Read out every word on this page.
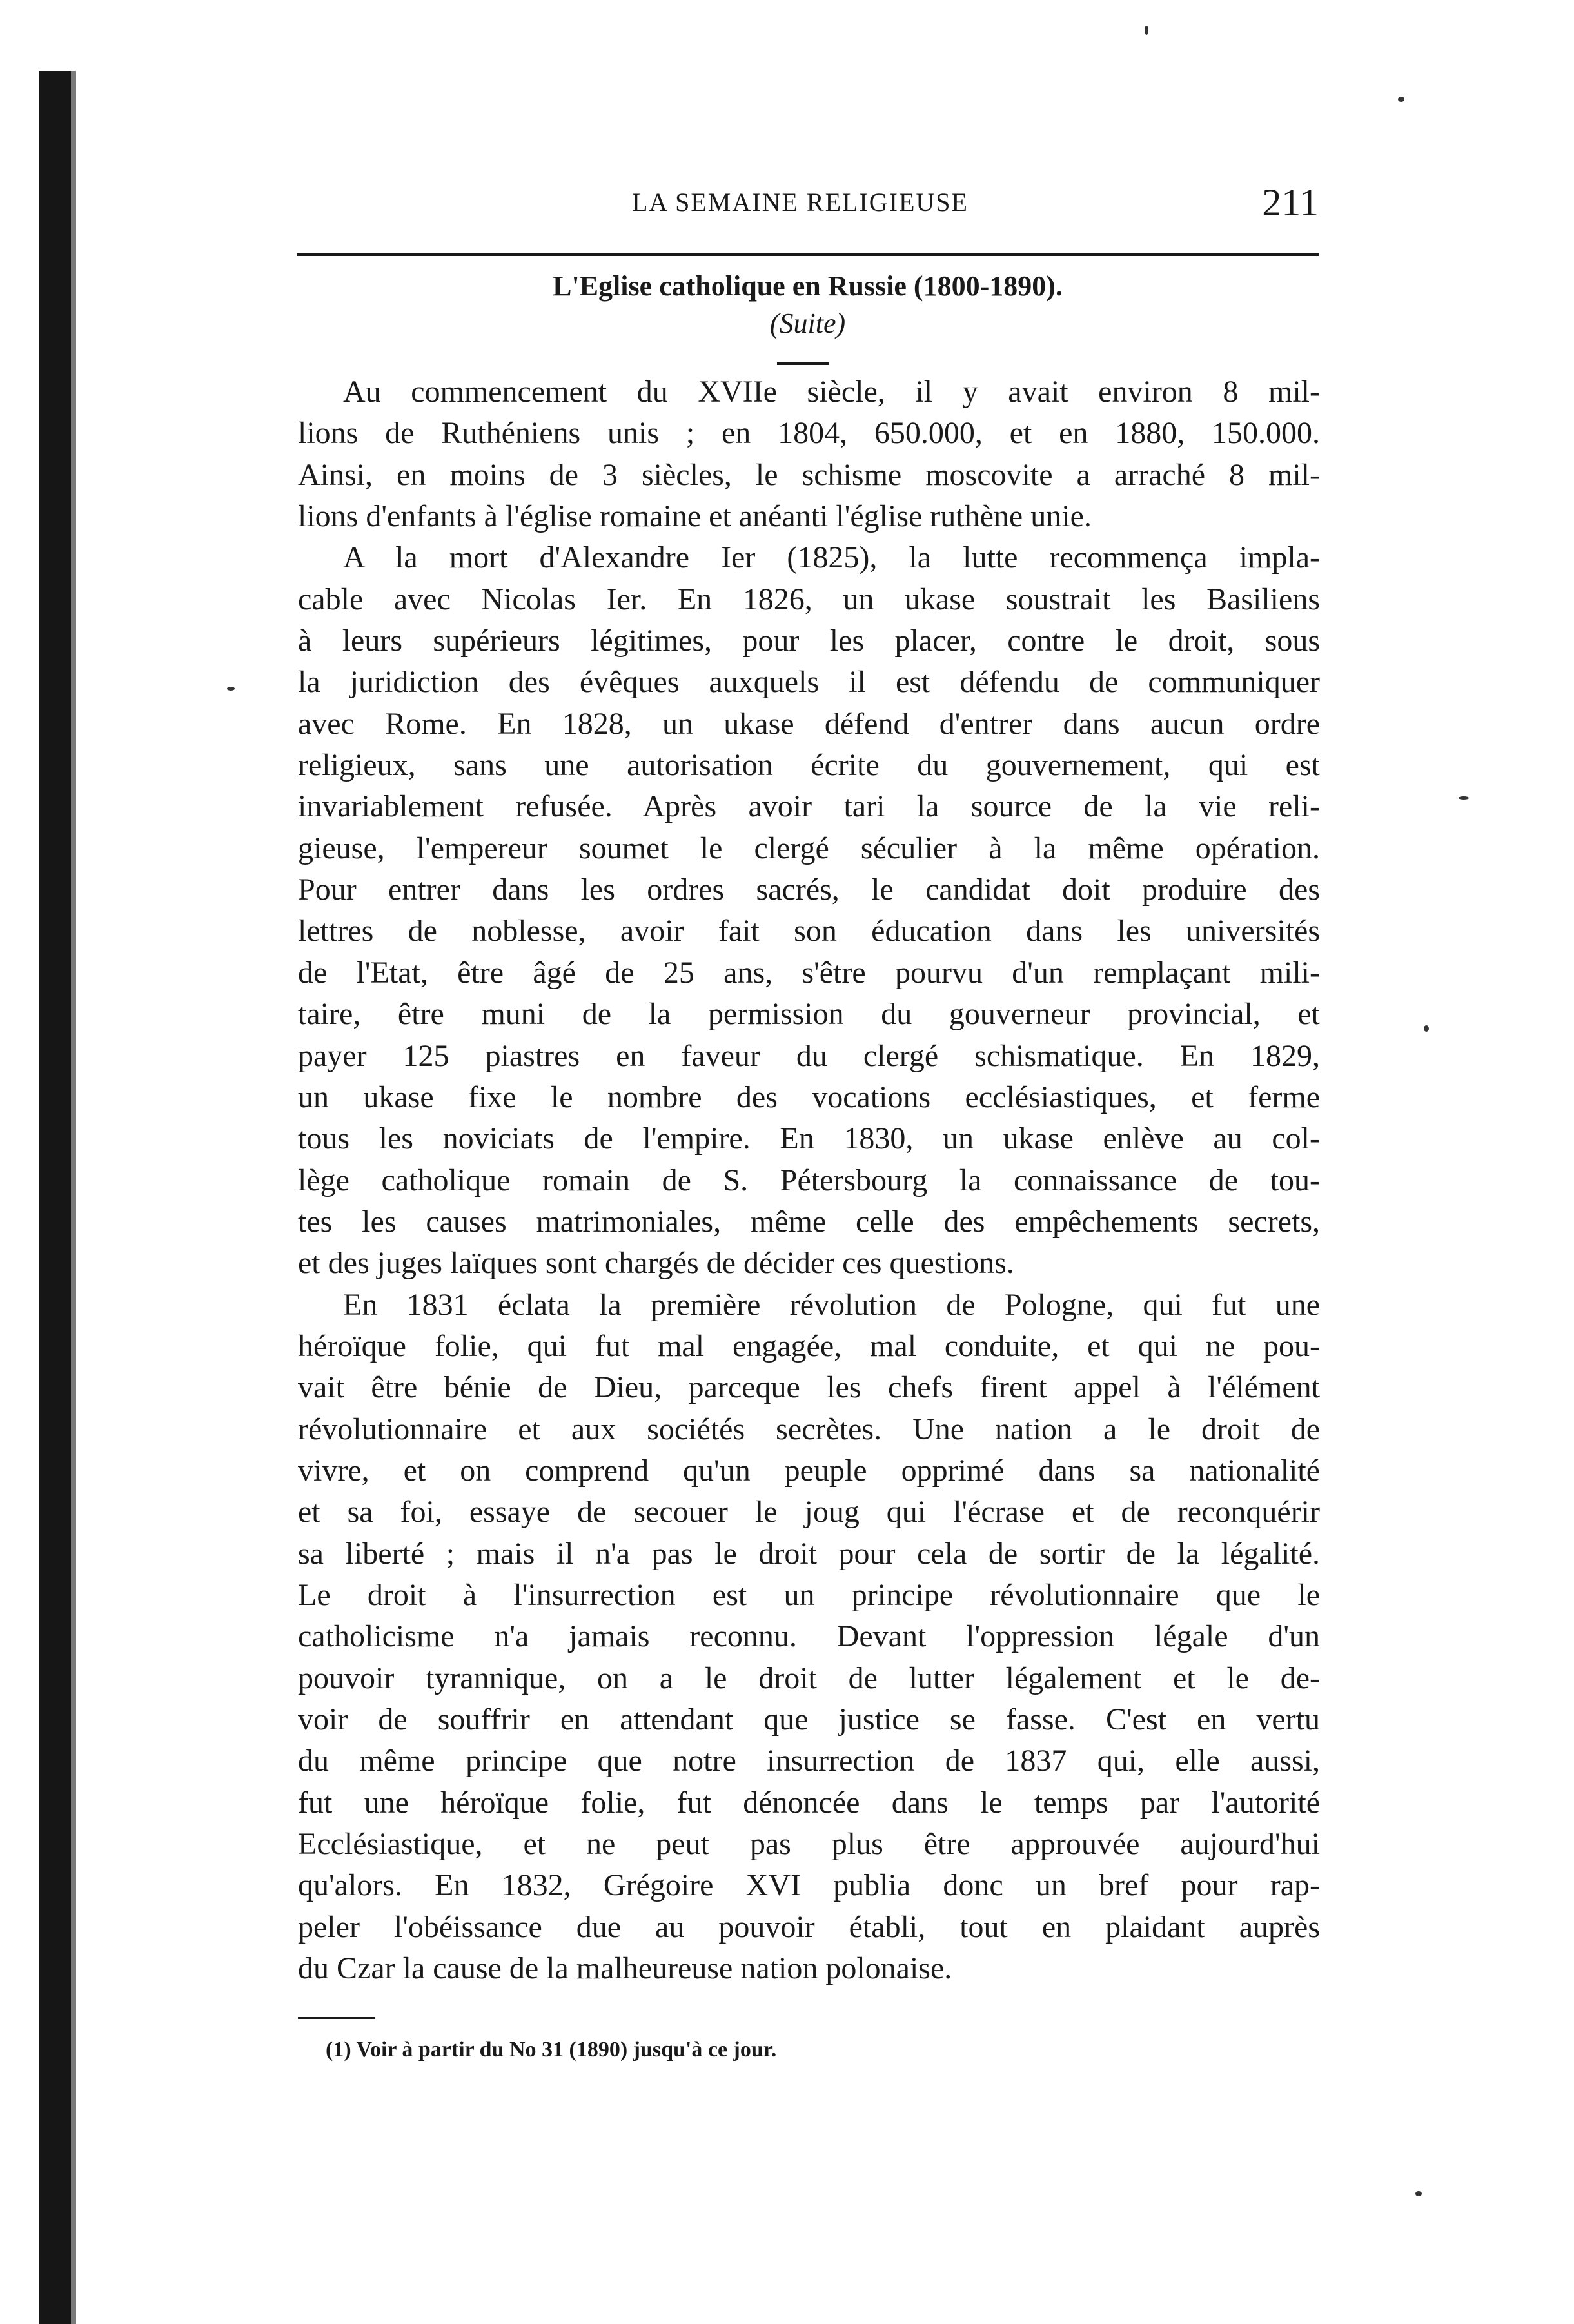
LA SEMAINE RELIGIEUSE	211
L'Eglise catholique en Russie (1800-1890).
(Suite)
Au commencement du XVIIe siècle, il y avait environ 8 mil-
lions de Ruthéniens unis ; en 1804, 650.000, et en 1880, 150.000.
Ainsi, en moins de 3 siècles, le schisme moscovite a arraché 8 mil-
lions d'enfants à l'église romaine et anéanti l'église ruthène unie.
A la mort d'Alexandre Ier (1825), la lutte recommença impla-
cable avec Nicolas Ier. En 1826, un ukase soustrait les Basiliens
à leurs supérieurs légitimes, pour les placer, contre le droit, sous
la juridiction des évêques auxquels il est défendu de communiquer
avec Rome. En 1828, un ukase défend d'entrer dans aucun ordre
religieux, sans une autorisation écrite du gouvernement, qui est
invariablement refusée. Après avoir tari la source de la vie reli-
gieuse, l'empereur soumet le clergé séculier à la même opération.
Pour entrer dans les ordres sacrés, le candidat doit produire des
lettres de noblesse, avoir fait son éducation dans les universités
de l'Etat, être âgé de 25 ans, s'être pourvu d'un remplaçant mili-
taire, être muni de la permission du gouverneur provincial, et
payer 125 piastres en faveur du clergé schismatique. En 1829,
un ukase fixe le nombre des vocations ecclésiastiques, et ferme
tous les noviciats de l'empire. En 1830, un ukase enlève au col-
lège catholique romain de S. Pétersbourg la connaissance de tou-
tes les causes matrimoniales, même celle des empêchements secrets,
et des juges laïques sont chargés de décider ces questions.
En 1831 éclata la première révolution de Pologne, qui fut une
héroïque folie, qui fut mal engagée, mal conduite, et qui ne pou-
vait être bénie de Dieu, parceque les chefs firent appel à l'élément
révolutionnaire et aux sociétés secrètes. Une nation a le droit de
vivre, et on comprend qu'un peuple opprimé dans sa nationalité
et sa foi, essaye de secouer le joug qui l'écrase et de reconquérir
sa liberté ; mais il n'a pas le droit pour cela de sortir de la légalité.
Le droit à l'insurrection est un principe révolutionnaire que le
catholicisme n'a jamais reconnu. Devant l'oppression légale d'un
pouvoir tyrannique, on a le droit de lutter légalement et le de-
voir de souffrir en attendant que justice se fasse. C'est en vertu
du même principe que notre insurrection de 1837 qui, elle aussi,
fut une héroïque folie, fut dénoncée dans le temps par l'autorité
Ecclésiastique, et ne peut pas plus être approuvée aujourd'hui
qu'alors. En 1832, Grégoire XVI publia donc un bref pour rap-
peler l'obéissance due au pouvoir établi, tout en plaidant auprès
du Czar la cause de la malheureuse nation polonaise.
(1) Voir à partir du No 31 (1890) jusqu'à ce jour.
